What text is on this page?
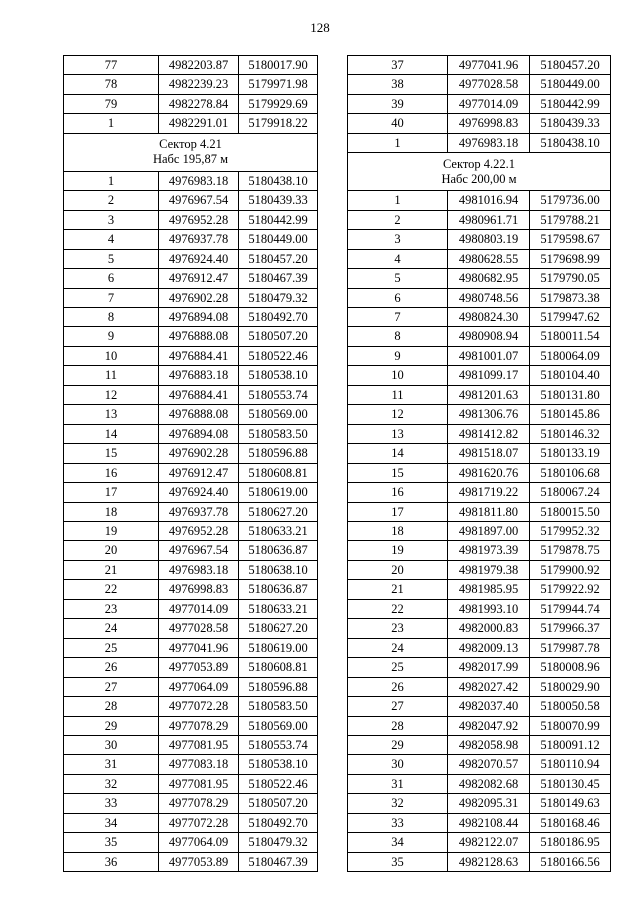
128
77	4982203.87	5180017.90
78	4982239.23	5179971.98
79	4982278.84	5179929.69
1	4982291.01	5179918.22

Сектор 4.21
Набс 195,87 м		

1	4976983.18	5180438.10
2	4976967.54	5180439.33
3	4976952.28	5180442.99
4	4976937.78	5180449.00
5	4976924.40	5180457.20
6	4976912.47	5180467.39
7	4976902.28	5180479.32
8	4976894.08	5180492.70
9	4976888.08	5180507.20
10	4976884.41	5180522.46
11	4976883.18	5180538.10
12	4976884.41	5180553.74
13	4976888.08	5180569.00
14	4976894.08	5180583.50
15	4976902.28	5180596.88
16	4976912.47	5180608.81
17	4976924.40	5180619.00
18	4976937.78	5180627.20
19	4976952.28	5180633.21
20	4976967.54	5180636.87
21	4976983.18	5180638.10
22	4976998.83	5180636.87
23	4977014.09	5180633.21
24	4977028.58	5180627.20
25	4977041.96	5180619.00
26	4977053.89	5180608.81
27	4977064.09	5180596.88
28	4977072.28	5180583.50
29	4977078.29	5180569.00
30	4977081.95	5180553.74
31	4977083.18	5180538.10
32	4977081.95	5180522.46
33	4977078.29	5180507.20
34	4977072.28	5180492.70
35	4977064.09	5180479.32
36	4977053.89	5180467.39
37	4977041.96	5180457.20
38	4977028.58	5180449.00
39	4977014.09	5180442.99
40	4976998.83	5180439.33
1	4976983.18	5180438.10

Сектор 4.22.1
Набс 200,00 м		

1	4981016.94	5179736.00
2	4980961.71	5179788.21
3	4980803.19	5179598.67
4	4980628.55	5179698.99
5	4980682.95	5179790.05
6	4980748.56	5179873.38
7	4980824.30	5179947.62
8	4980908.94	5180011.54
9	4981001.07	5180064.09
10	4981099.17	5180104.40
11	4981201.63	5180131.80
12	4981306.76	5180145.86
13	4981412.82	5180146.32
14	4981518.07	5180133.19
15	4981620.76	5180106.68
16	4981719.22	5180067.24
17	4981811.80	5180015.50
18	4981897.00	5179952.32
19	4981973.39	5179878.75
20	4981979.38	5179900.92
21	4981985.95	5179922.92
22	4981993.10	5179944.74
23	4982000.83	5179966.37
24	4982009.13	5179987.78
25	4982017.99	5180008.96
26	4982027.42	5180029.90
27	4982037.40	5180050.58
28	4982047.92	5180070.99
29	4982058.98	5180091.12
30	4982070.57	5180110.94
31	4982082.68	5180130.45
32	4982095.31	5180149.63
33	4982108.44	5180168.46
34	4982122.07	5180186.95
35	4982128.63	5180166.56
